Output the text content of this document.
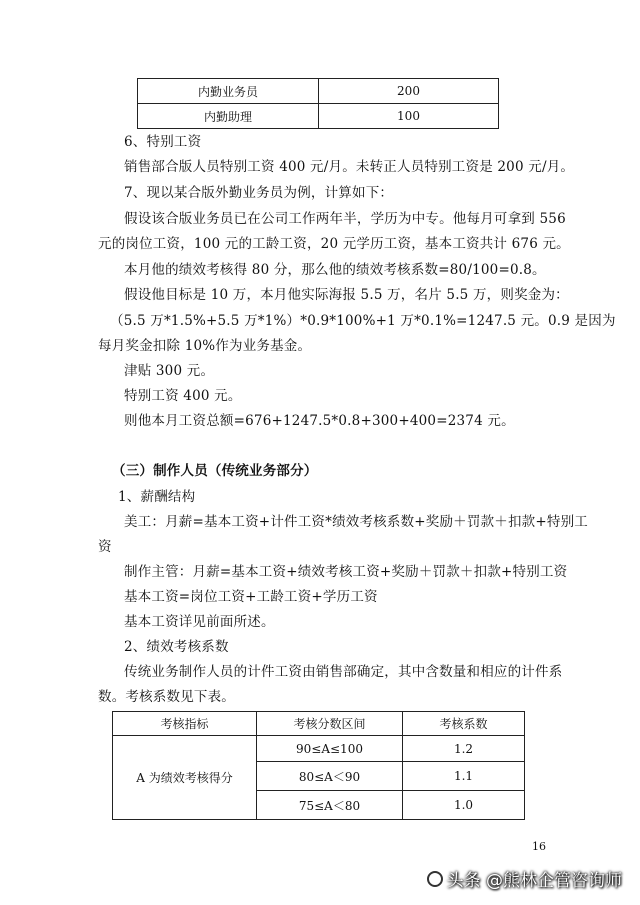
内勤业务员	200
内勤助理	100
6、特别工资
销售部合版人员特别工资 400 元/月。未转正人员特别工资是 200 元/月。
7、现以某合版外勤业务员为例，计算如下：
假设该合版业务员已在公司工作两年半，学历为中专。他每月可拿到 556
元的岗位工资，100 元的工龄工资，20 元学历工资，基本工资共计 676 元。
本月他的绩效考核得 80 分，那么他的绩效考核系数=80/100=0.8。
假设他目标是 10 万，本月他实际海报 5.5 万，名片 5.5 万，则奖金为：
（5.5 万*1.5%+5.5 万*1%）*0.9*100%+1 万*0.1%=1247.5 元。0.9 是因为
每月奖金扣除 10%作为业务基金。
津贴 300 元。
特别工资 400 元。
则他本月工资总额=676+1247.5*0.8+300+400=2374 元。
（三）制作人员（传统业务部分）
1、薪酬结构
美工：月薪=基本工资+计件工资*绩效考核系数+奖励＋罚款＋扣款+特别工
资
制作主管：月薪=基本工资+绩效考核工资+奖励＋罚款＋扣款+特别工资
基本工资=岗位工资+工龄工资+学历工资
基本工资详见前面所述。
2、绩效考核系数
传统业务制作人员的计件工资由销售部确定，其中含数量和相应的计件系
数。考核系数见下表。
考核指标	考核分数区间	考核系数
A 为绩效考核得分	90≤A≤100	1.2
	80≤A＜90	1.1
	75≤A＜80	1.0
16
头条 @熊林企管咨询师
